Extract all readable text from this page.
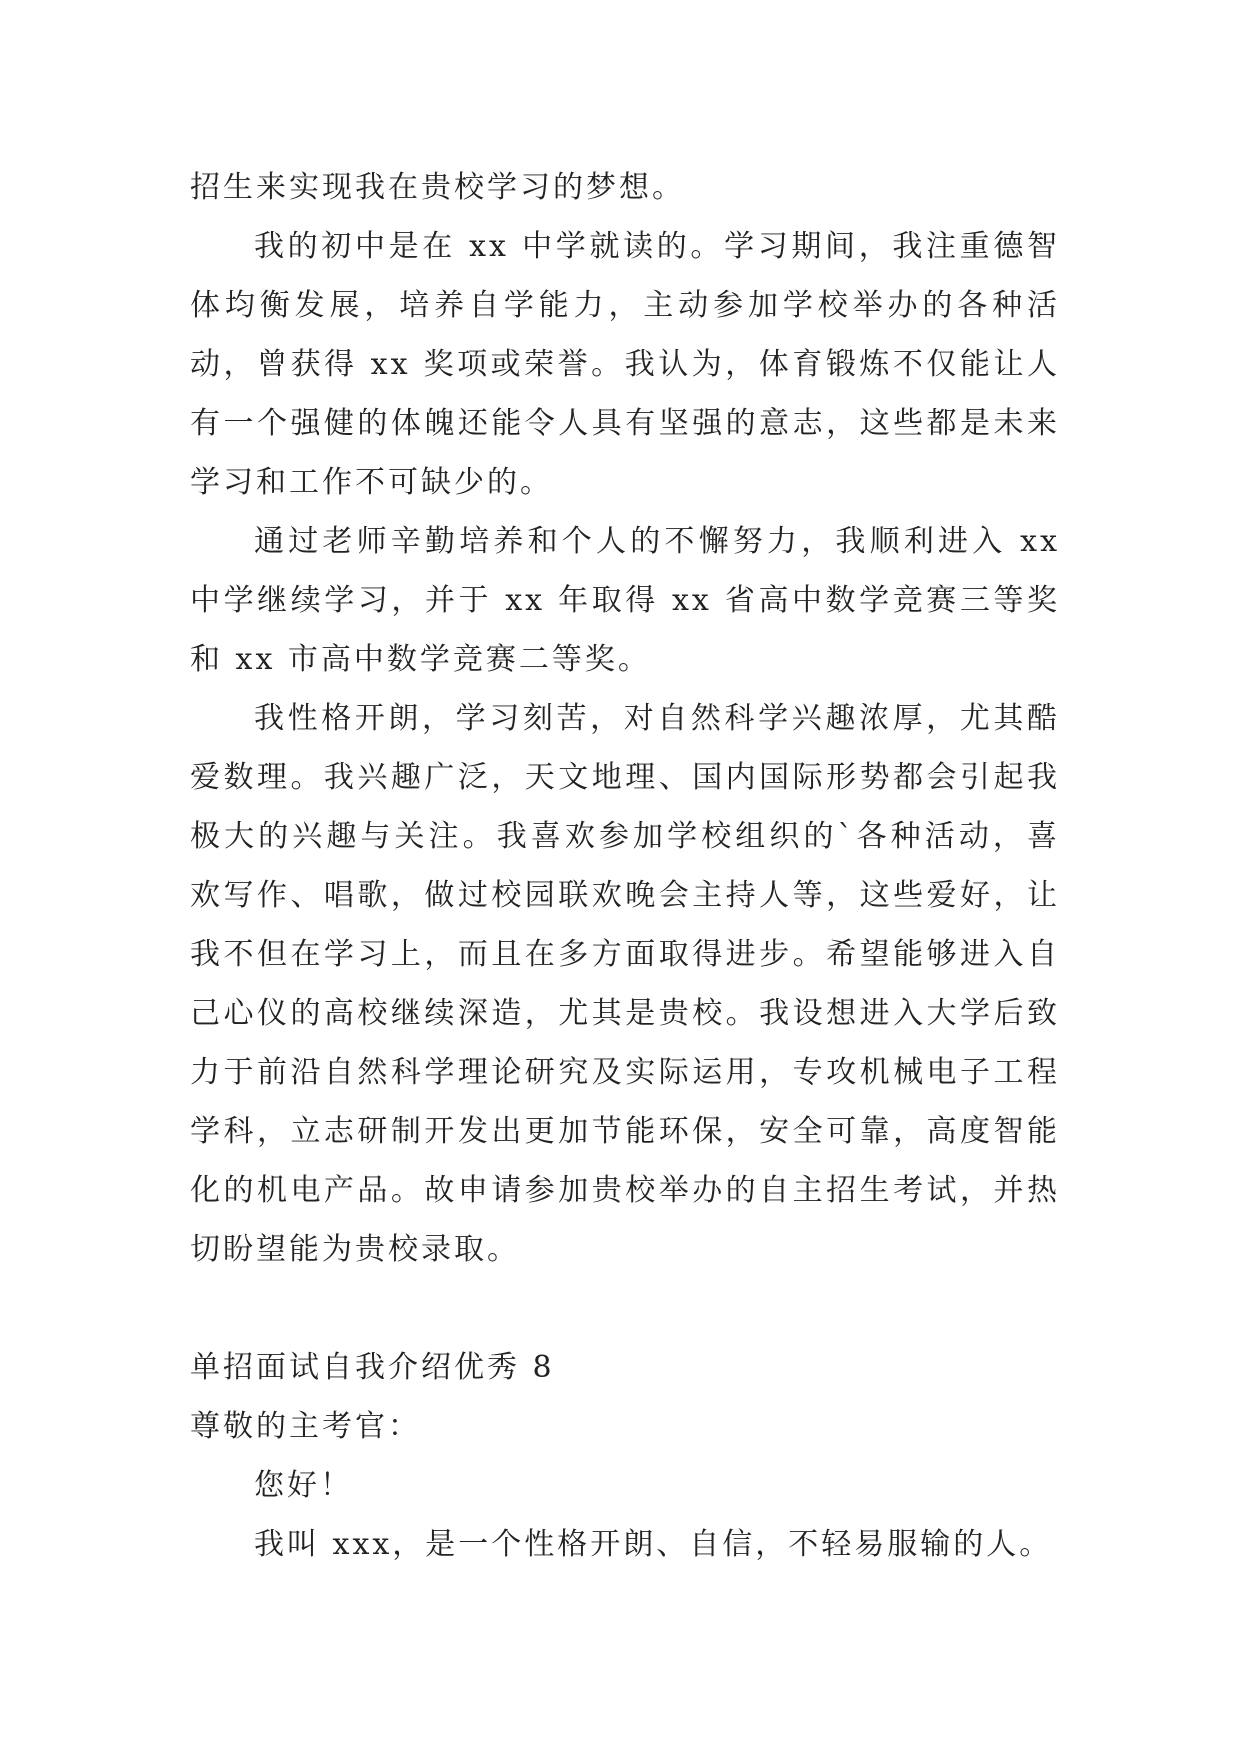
招生来实现我在贵校学习的梦想。

我的初中是在 xx 中学就读的。学习期间，我注重德智体均衡发展，培养自学能力，主动参加学校举办的各种活动，曾获得 xx 奖项或荣誉。我认为，体育锻炼不仅能让人有一个强健的体魄还能令人具有坚强的意志，这些都是未来学习和工作不可缺少的。

通过老师辛勤培养和个人的不懈努力，我顺利进入 xx 中学继续学习，并于 xx 年取得 xx 省高中数学竞赛三等奖和 xx 市高中数学竞赛二等奖。

我性格开朗，学习刻苦，对自然科学兴趣浓厚，尤其酷爱数理。我兴趣广泛，天文地理、国内国际形势都会引起我极大的兴趣与关注。我喜欢参加学校组织的`各种活动，喜欢写作、唱歌，做过校园联欢晚会主持人等，这些爱好，让我不但在学习上，而且在多方面取得进步。希望能够进入自己心仪的高校继续深造，尤其是贵校。我设想进入大学后致力于前沿自然科学理论研究及实际运用，专攻机械电子工程学科，立志研制开发出更加节能环保，安全可靠，高度智能化的机电产品。故申请参加贵校举办的自主招生考试，并热切盼望能为贵校录取。

单招面试自我介绍优秀 8

尊敬的主考官：

您好！

我叫 xxx，是一个性格开朗、自信，不轻易服输的人。
